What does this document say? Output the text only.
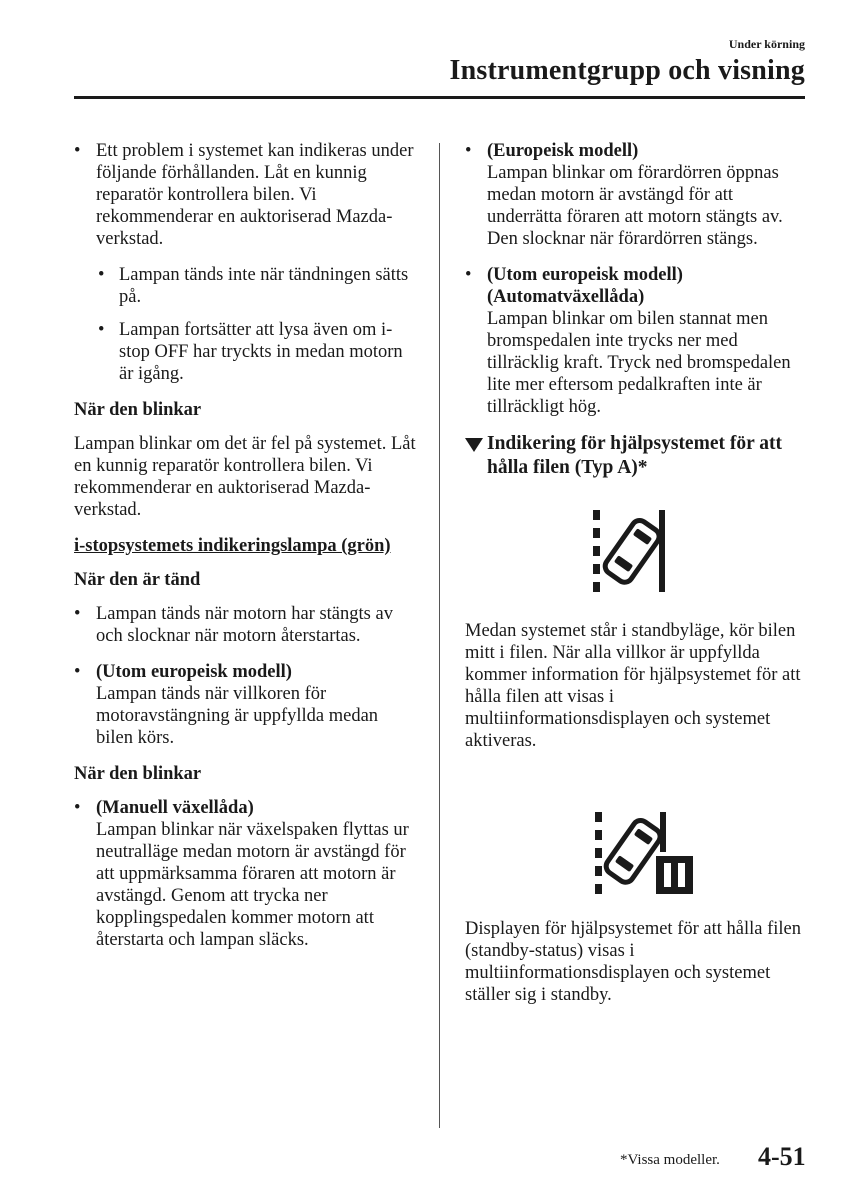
Under körning
Instrumentgrupp och visning
• Ett problem i systemet kan indikeras under följande förhållanden. Låt en kunnig reparatör kontrollera bilen. Vi rekommenderar en auktoriserad Mazda-verkstad.
• Lampan tänds inte när tändningen sätts på.
• Lampan fortsätter att lysa även om i-stop OFF har tryckts in medan motorn är igång.
När den blinkar
Lampan blinkar om det är fel på systemet. Låt en kunnig reparatör kontrollera bilen. Vi rekommenderar en auktoriserad Mazda-verkstad.
i-stopsystemets indikeringslampa (grön)
När den är tänd
• Lampan tänds när motorn har stängts av och slocknar när motorn återstartas.
• (Utom europeisk modell)
Lampan tänds när villkoren för motoravstängning är uppfyllda medan bilen körs.
När den blinkar
• (Manuell växellåda)
Lampan blinkar när växelspaken flyttas ur neutralläge medan motorn är avstängd för att uppmärksamma föraren att motorn är avstängd. Genom att trycka ner kopplingspedalen kommer motorn att återstarta och lampan släcks.
• (Europeisk modell)
Lampan blinkar om förardörren öppnas medan motorn är avstängd för att underrätta föraren att motorn stängts av. Den slocknar när förardörren stängs.
• (Utom europeisk modell) (Automatväxellåda)
Lampan blinkar om bilen stannat men bromspedalen inte trycks ner med tillräcklig kraft. Tryck ned bromspedalen lite mer eftersom pedalkraften inte är tillräckligt hög.
Indikering för hjälpsystemet för att hålla filen (Typ A)*
Medan systemet står i standbyläge, kör bilen mitt i filen. När alla villkor är uppfyllda kommer information för hjälpsystemet för att hålla filen att visas i multiinformationsdisplayen och systemet aktiveras.
Displayen för hjälpsystemet för att hålla filen (standby-status) visas i multiinformationsdisplayen och systemet ställer sig i standby.
*Vissa modeller. 4-51
